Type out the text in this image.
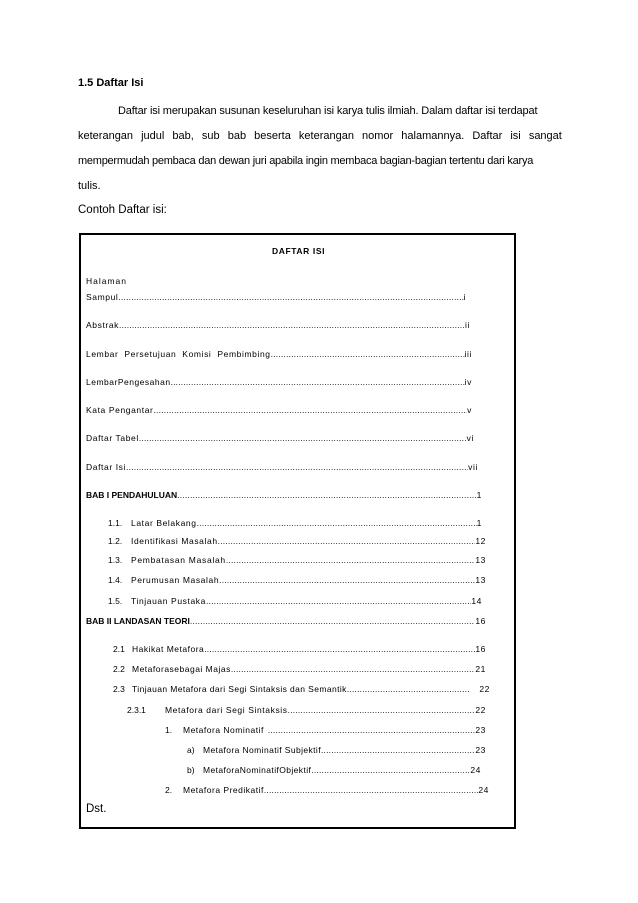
1.5 Daftar Isi
Daftar isi merupakan susunan keseluruhan isi karya tulis ilmiah. Dalam daftar isi terdapat
keterangan judul bab, sub bab beserta keterangan nomor halamannya. Daftar isi sangat
mempermudah pembaca dan dewan juri apabila ingin membaca bagian-bagian tertentu dari karya
tulis.
Contoh Daftar isi:
DAFTAR ISI
Halaman
Sampul .....	i
Abstrak .....	ii
Lembar Persetujuan Komisi Pembimbing .....	iii
LembarPengesahan .....	iv
Kata Pengantar .....	v
Daftar Tabel .....	vi
Daftar Isi .....	vii
BAB I PENDAHULUAN .....	1
1.1.	Latar Belakang .....	1
1.2.	Identifikasi Masalah .....	12
1.3.	Pembatasan Masalah .....	13
1.4.	Perumusan Masalah .....	13
1.5.	Tinjauan Pustaka .....	14
BAB II LANDASAN TEORI .....	16
2.1 Hakikat Metafora .....	16
2.2 Metaforasebagai Majas .....	21
2.3 Tinjauan Metafora dari Segi Sintaksis dan Semantik .....	22
2.3.1	Metafora dari Segi Sintaksis .....	22
1.	Metafora Nominatif .....	23
a) Metafora Nominatif Subjektif .....	23
b) MetaforaNominatifObjektif .....	24
2.	Metafora Predikatif .....	24
Dst.
